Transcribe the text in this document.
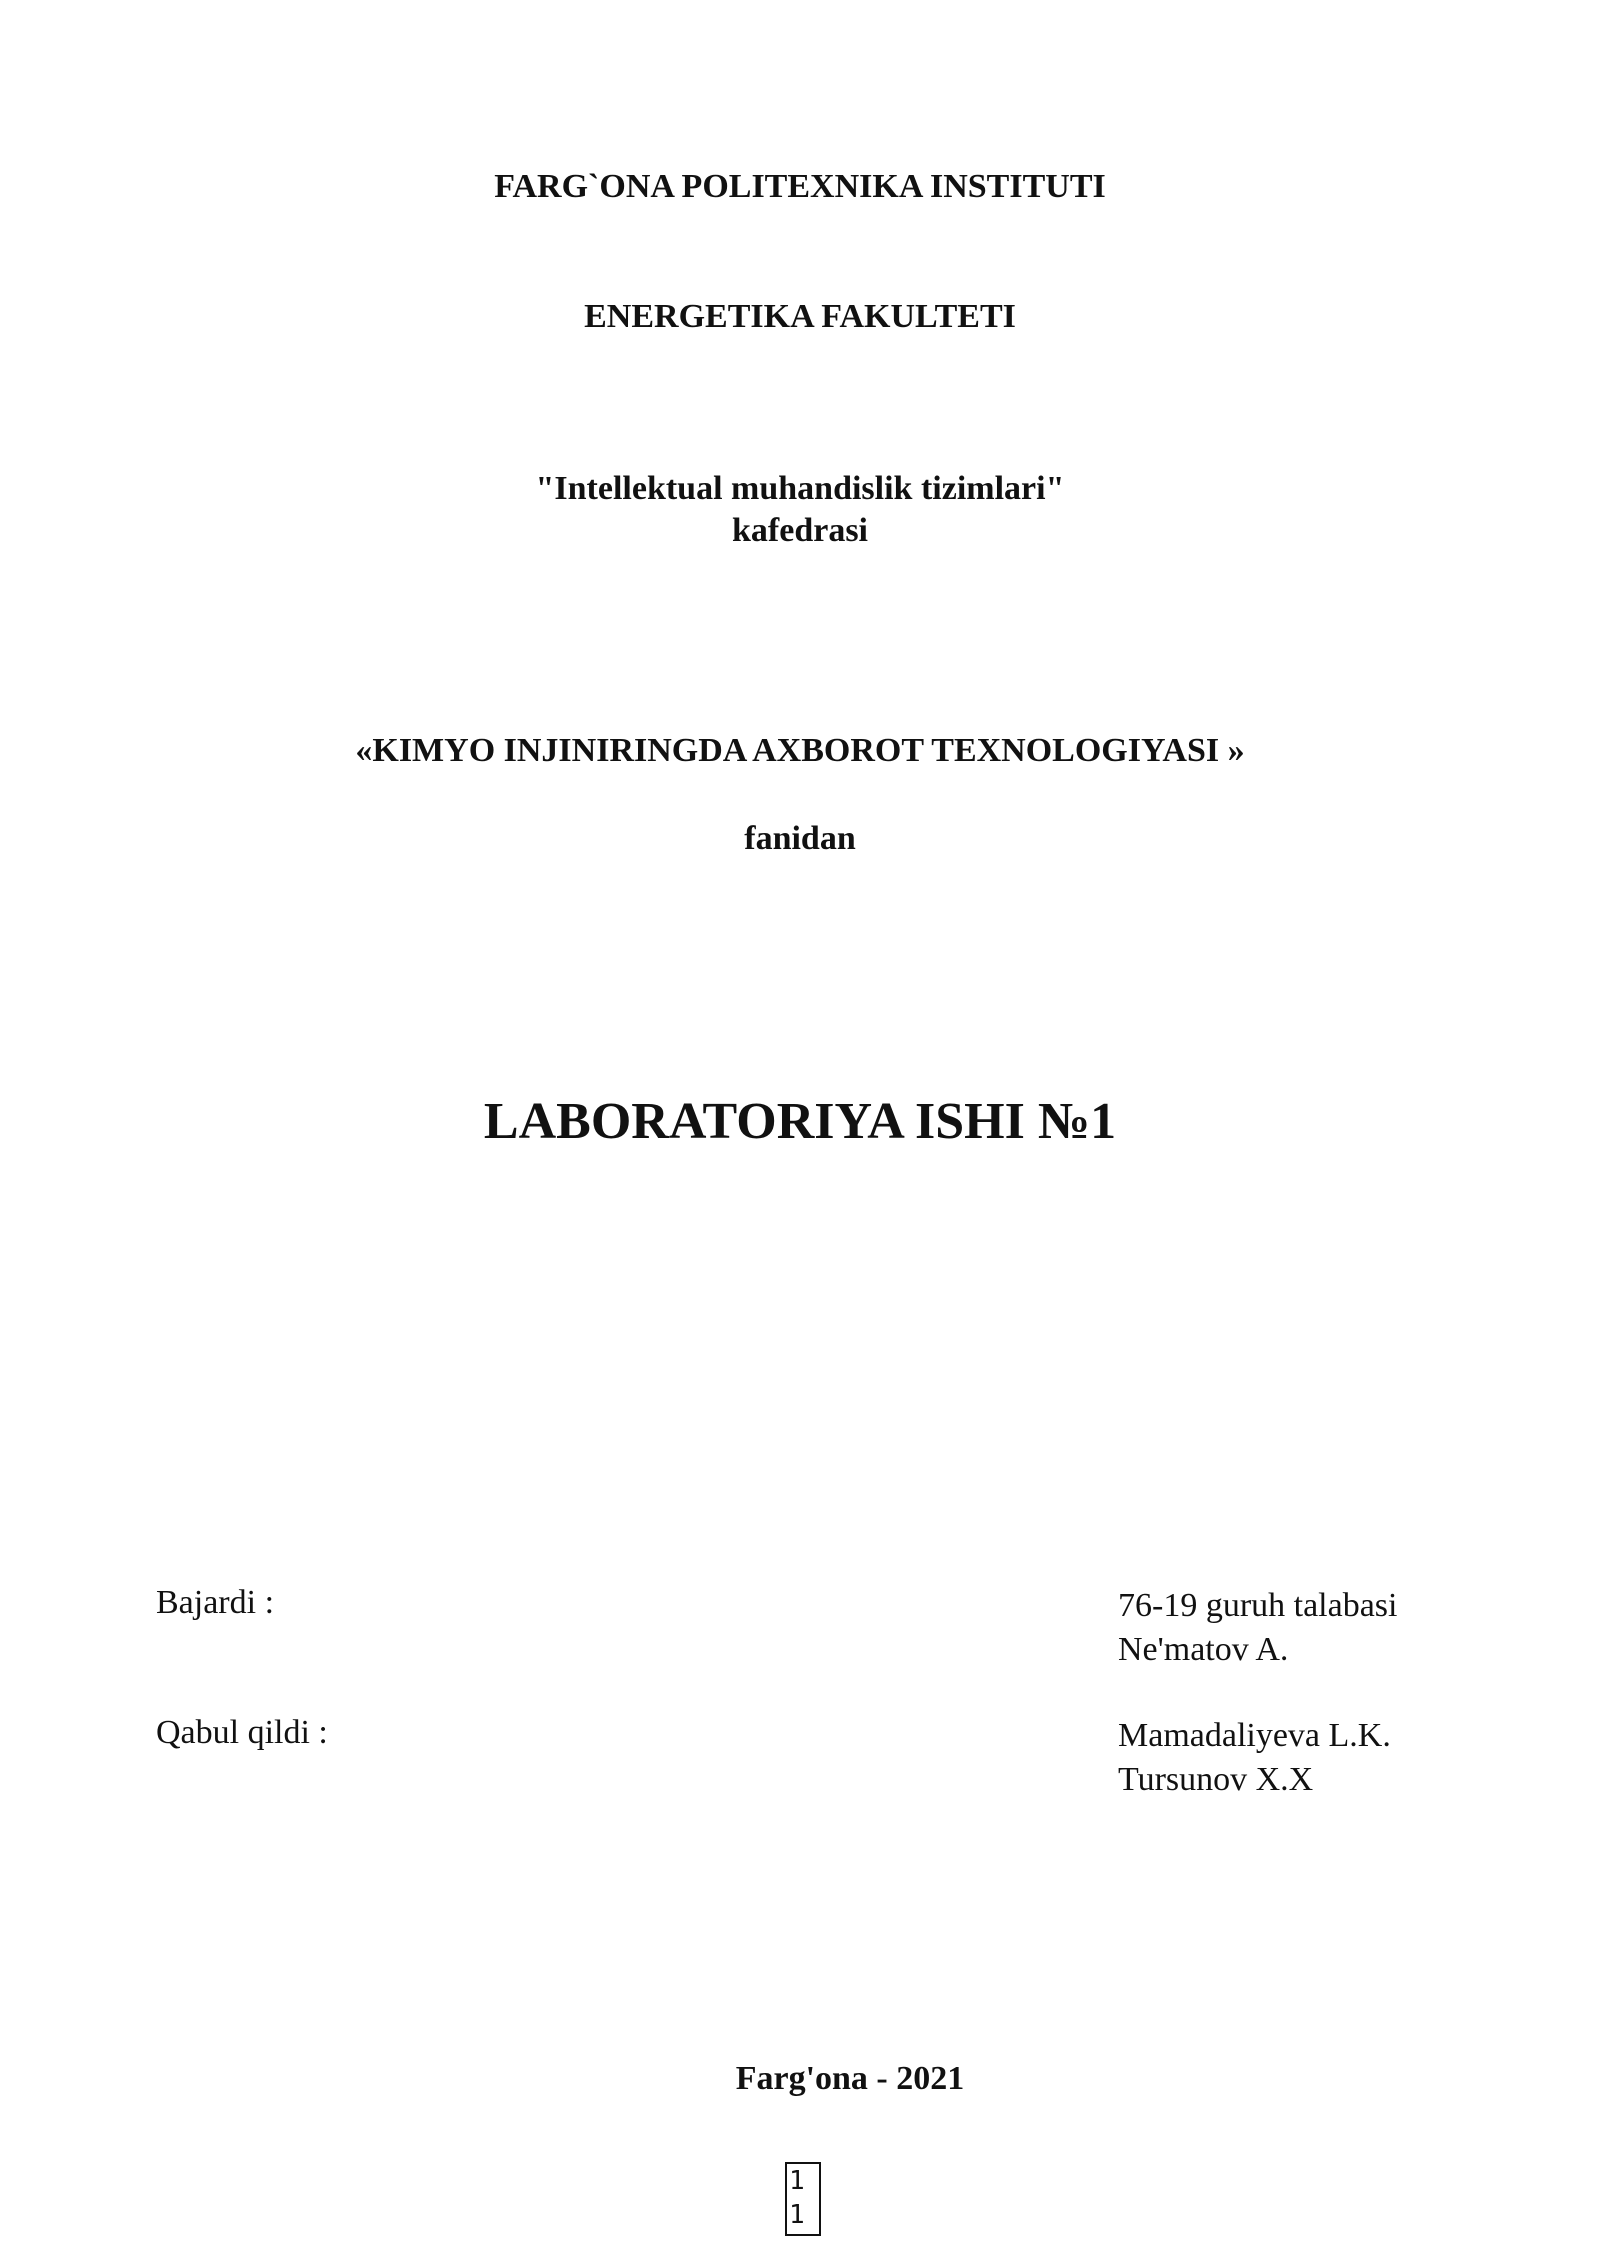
FARG`ONA POLITEXNIKA INSTITUTI
ENERGETIKA FAKULTETI
"Intellektual muhandislik tizimlari"
kafedrasi
«KIMYO INJINIRINGDA AXBOROT TEXNOLOGIYASI »
fanidan
LABORATORIYA ISHI №1
Bajardi :	76-19 guruh talabasi
Ne'matov A.
Qabul qildi :	Mamadaliyeva L.K.
Tursunov X.X
Farg'ona - 2021
1
1
